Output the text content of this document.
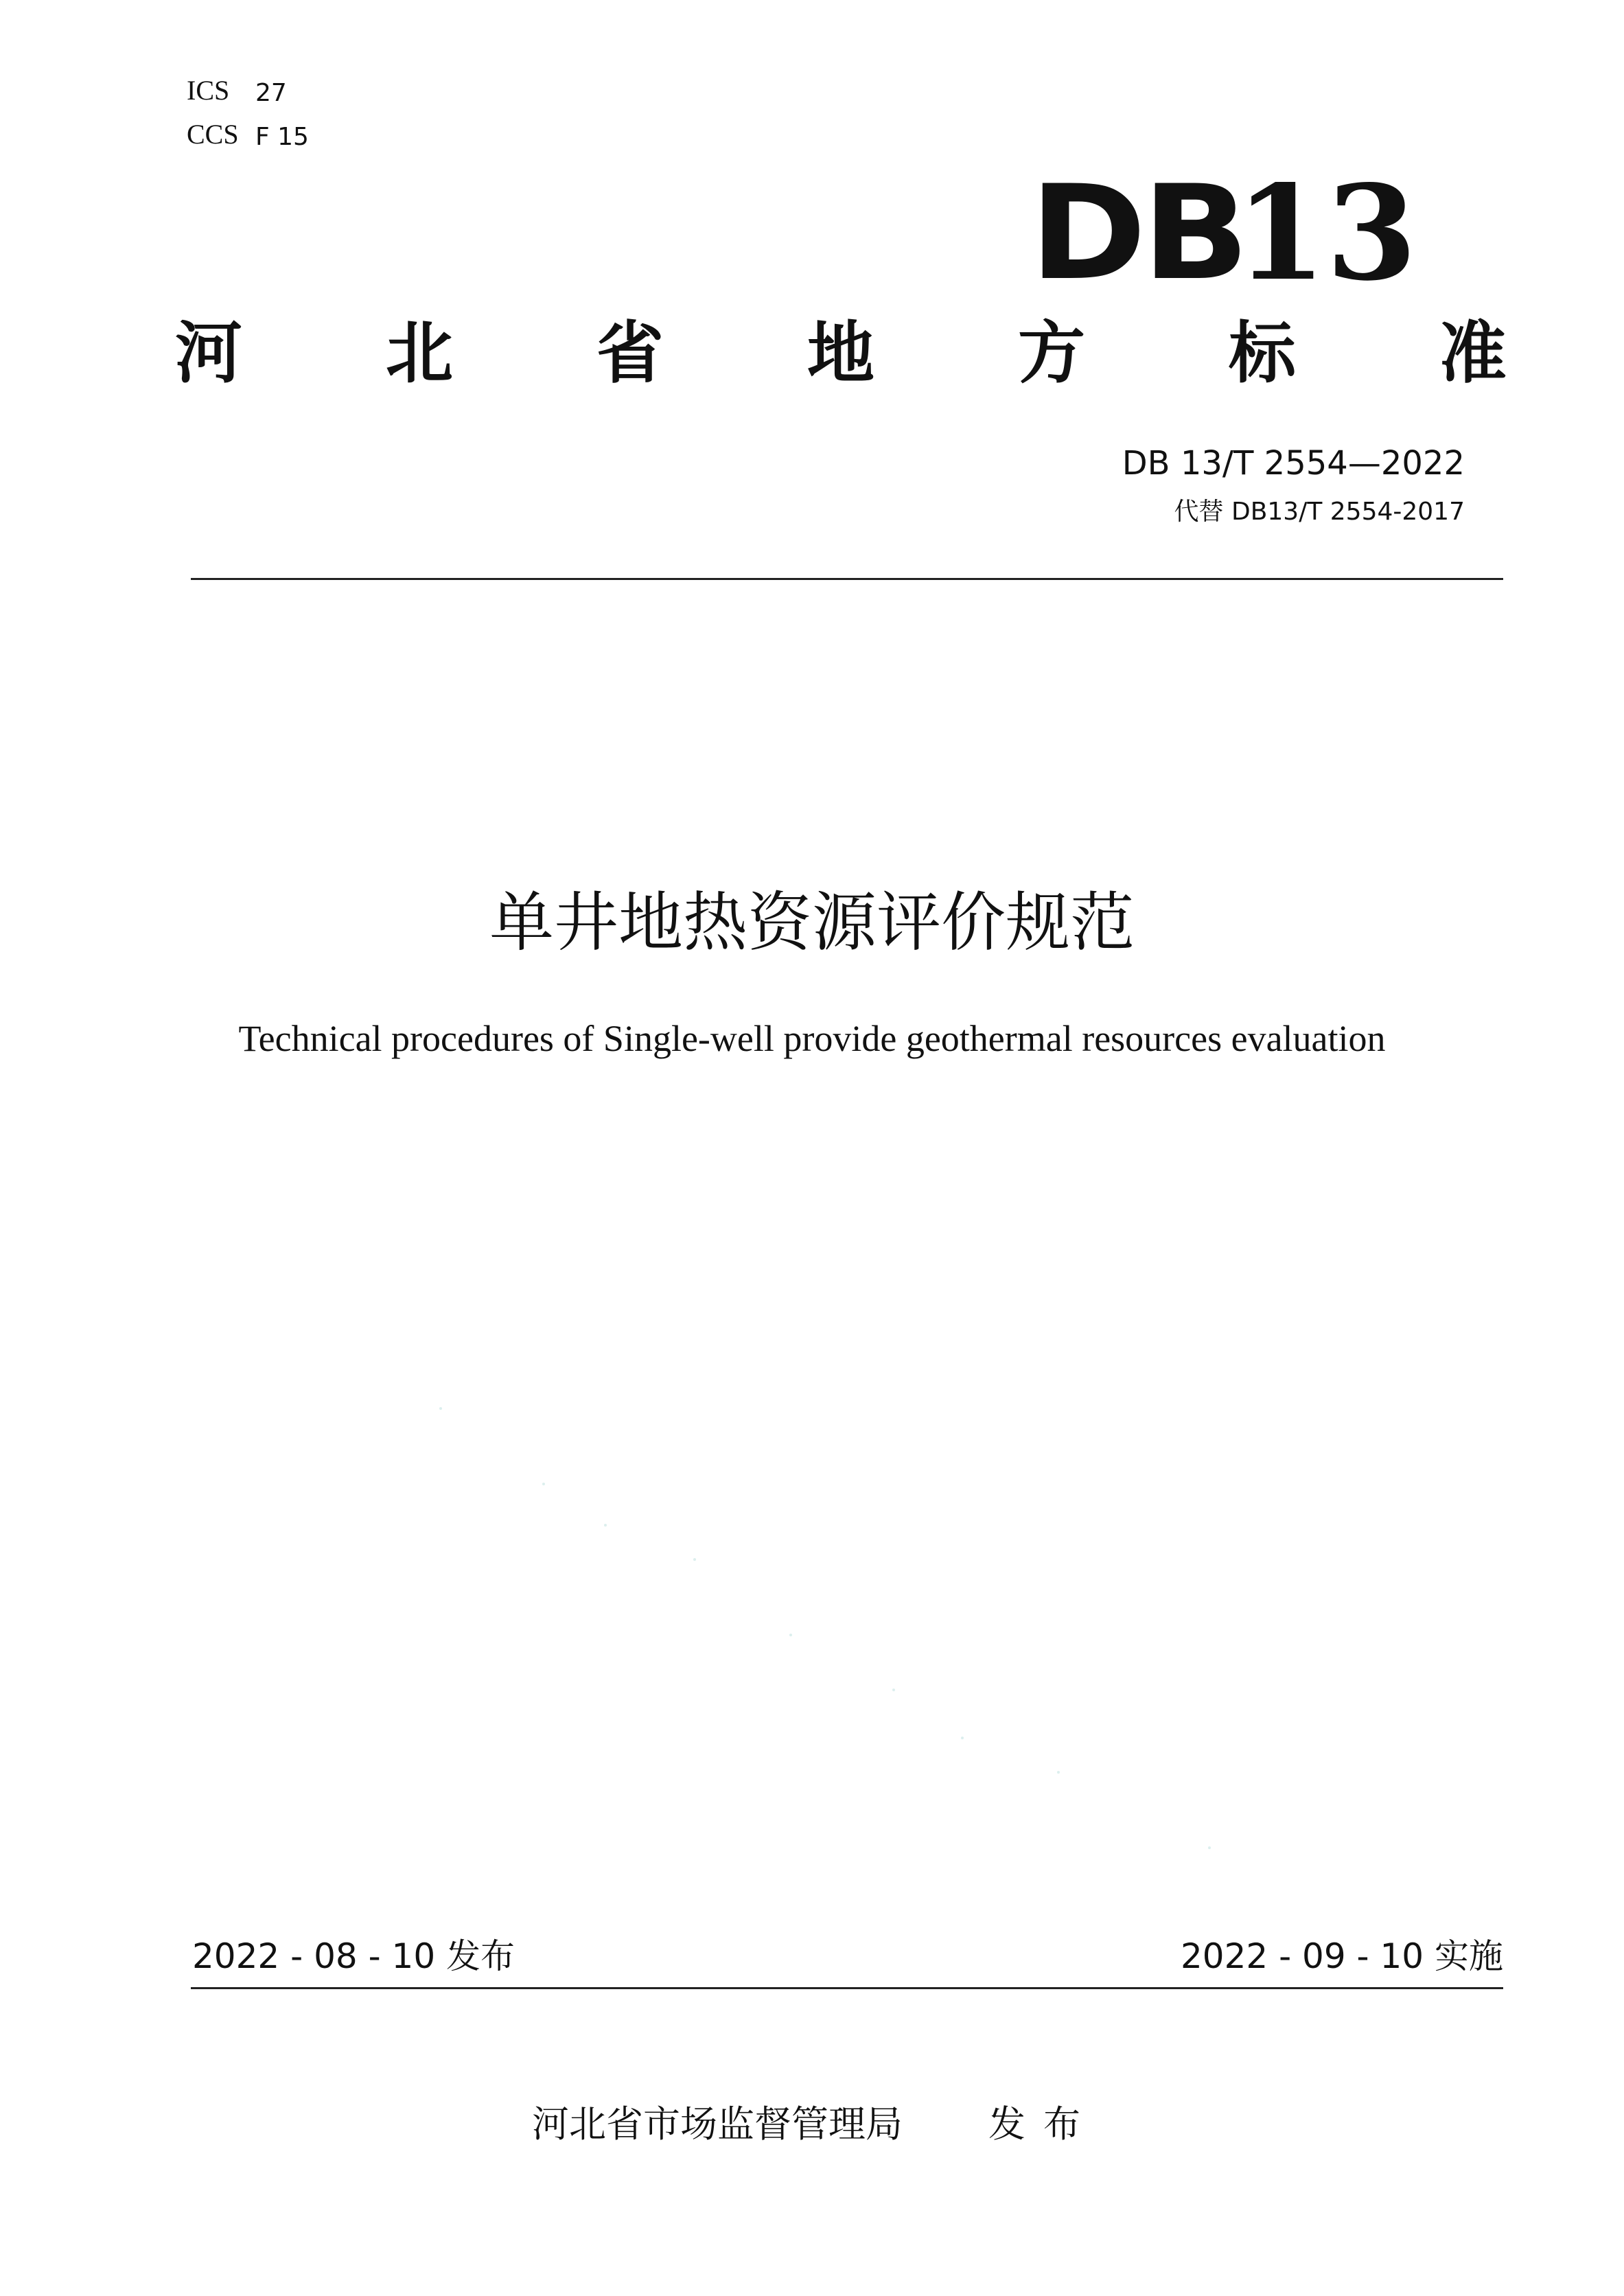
ICS 27
CCS F 15
DB
13
河 北 省 地 方 标 准
DB 13/T 2554—2022
代替 DB13/T 2554-2017
单井地热资源评价规范
Technical procedures of Single-well provide geothermal resources evaluation
2022 - 08 - 10 发布	2022 - 09 - 10 实施
河北省市场监督管理局 发布
